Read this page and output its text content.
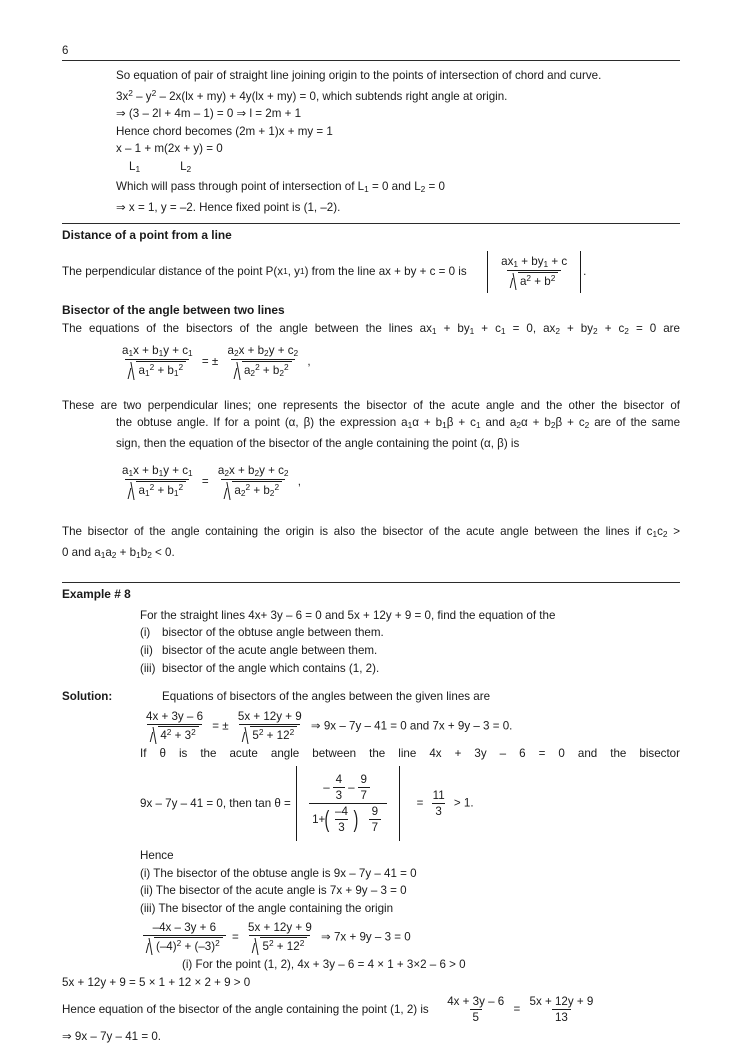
6
So equation of pair of straight line joining origin to the points of intersection of chord and curve.
$3x^2 - y^2 - 2x(lx + my) + 4y(lx + my) = 0$, which subtends right angle at origin.
⇒ (3 – 2l + 4m – 1) = 0 ⇒ l = 2m + 1
Hence chord becomes (2m + 1)x + my = 1
x – 1 + m(2x + y) = 0
$L_1$	$L_2$
Which will pass through point of intersection of $L_1 = 0$ and $L_2 = 0$
⇒ x = 1, y = –2. Hence fixed point is (1, –2).
Distance of a point from a line
The perpendicular distance of the point P(x 1 , y 1 ) from the line ax + by + c = 0 is
	$\frac{ax_1 + by_1 + c}{a^2 + b^2}$ .
Bisector of the angle between two lines
The equations of the bisectors of the angle between the lines $ax_1 + by_1 + c_1 = 0$, $ax_2 + by_2 + c_2 = 0$ are
$\frac{a_1x + b_1y + c_1}{a_1^2 + b_1^2}$ = ± $\frac{a_2x + b_2y + c_2}{a_2^2 + b_2^2}$ ,
These are two perpendicular lines; one represents the bisector of the acute angle and the other the bisector of
the obtuse angle. If for a point (α, β) the expression $a_1\alpha + b_1\beta + c_1$ and $a_2\alpha + b_2\beta + c_2$ are of the same
sign, then the equation of the bisector of the angle containing the point (α, β) is
$\frac{a_1x + b_1y + c_1}{a_1^2 + b_1^2} = \frac{a_2x + b_2y + c_2}{a_2^2 + b_2^2}$ ,
The bisector of the angle containing the origin is also the bisector of the acute angle between the lines if $c_1c_2$ >
0 and $a_1a_2 + b_1b_2 < 0$.
Example # 8
For the straight lines 4x+ 3y – 6 = 0 and 5x + 12y + 9 = 0, find the equation of the
(i) bisector of the obtuse angle between them.
(ii) bisector of the acute angle between them.
(iii) bisector of the angle which contains (1, 2).
Solution:	Equations of bisectors of the angles between the given lines are
$\frac{4x + 3y - 6}{4^2 + 3^2}$ = ± $\frac{5x + 12y + 9}{5^2 + 12^2}$ ⇒ 9x – 7y – 41 = 0 and 7x + 9y – 3 = 0.
If θ is the acute angle between the line 4x + 3y – 6 = 0 and the bisector
9x – 7y – 41 = 0, then tan θ =
– $\frac{4}{3} - \frac{9}{7}$
1+ ( $\frac{-4}{3}$ ) $\frac{9}{7}$
= $\frac{11}{3} > 1$.
Hence
(i) The bisector of the obtuse angle is 9x – 7y – 41 = 0
(ii) The bisector of the acute angle is 7x + 9y – 3 = 0
(iii) The bisector of the angle containing the origin
$\frac{-4x - 3y + 6}{(-4)^2 + (-3)^2} = \frac{5x + 12y + 9}{5^2 + 12^2}$ ⇒ 7x + 9y – 3 = 0
(i) For the point (1, 2), 4x + 3y – 6 = 4 × 1 + 3×2 – 6 > 0
5x + 12y + 9 = 5 × 1 + 12 × 2 + 9 > 0
Hence equation of the bisector of the angle containing the point (1, 2) is $\frac{4x + 3y - 6}{5} = \frac{5x + 12y + 9}{13}$
⇒ 9x – 7y – 41 = 0.
